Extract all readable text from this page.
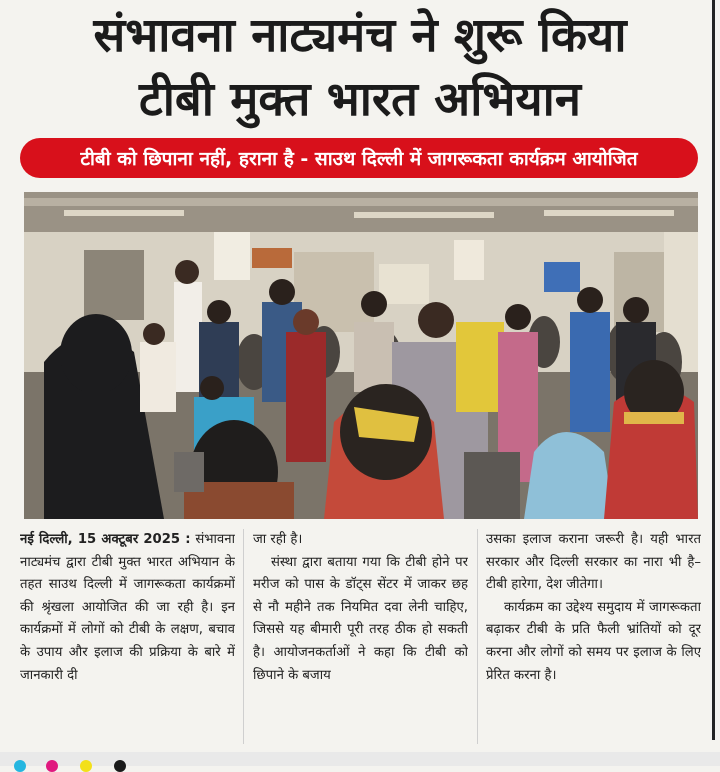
संभावना नाट्यमंच ने शुरू किया
टीबी मुक्त भारत अभियान
टीबी को छिपाना नहीं, हराना है - साउथ दिल्ली में जागरूकता कार्यक्रम आयोजित

नई दिल्ली, 15 अक्टूबर 2025 : संभावना नाट्यमंच द्वारा टीबी मुक्त भारत अभियान के तहत साउथ दिल्ली में जागरूकता कार्यक्रमों की श्रृंखला आयोजित की जा रही है। इन कार्यक्रमों में लोगों को टीबी के लक्षण, बचाव के उपाय और इलाज की प्रक्रिया के बारे में जानकारी दी

जा रही है।

संस्था द्वारा बताया गया कि टीबी होने पर मरीज को पास के डॉट्स सेंटर में जाकर छह से नौ महीने तक नियमित दवा लेनी चाहिए, जिससे यह बीमारी पूरी तरह ठीक हो सकती है। आयोजनकर्ताओं ने कहा कि टीबी को छिपाने के बजाय

उसका इलाज कराना जरूरी है। यही भारत सरकार और दिल्ली सरकार का नारा भी है– टीबी हारेगा, देश जीतेगा।

कार्यक्रम का उद्देश्य समुदाय में जागरूकता बढ़ाकर टीबी के प्रति फैली भ्रांतियों को दूर करना और लोगों को समय पर इलाज के लिए प्रेरित करना है।
